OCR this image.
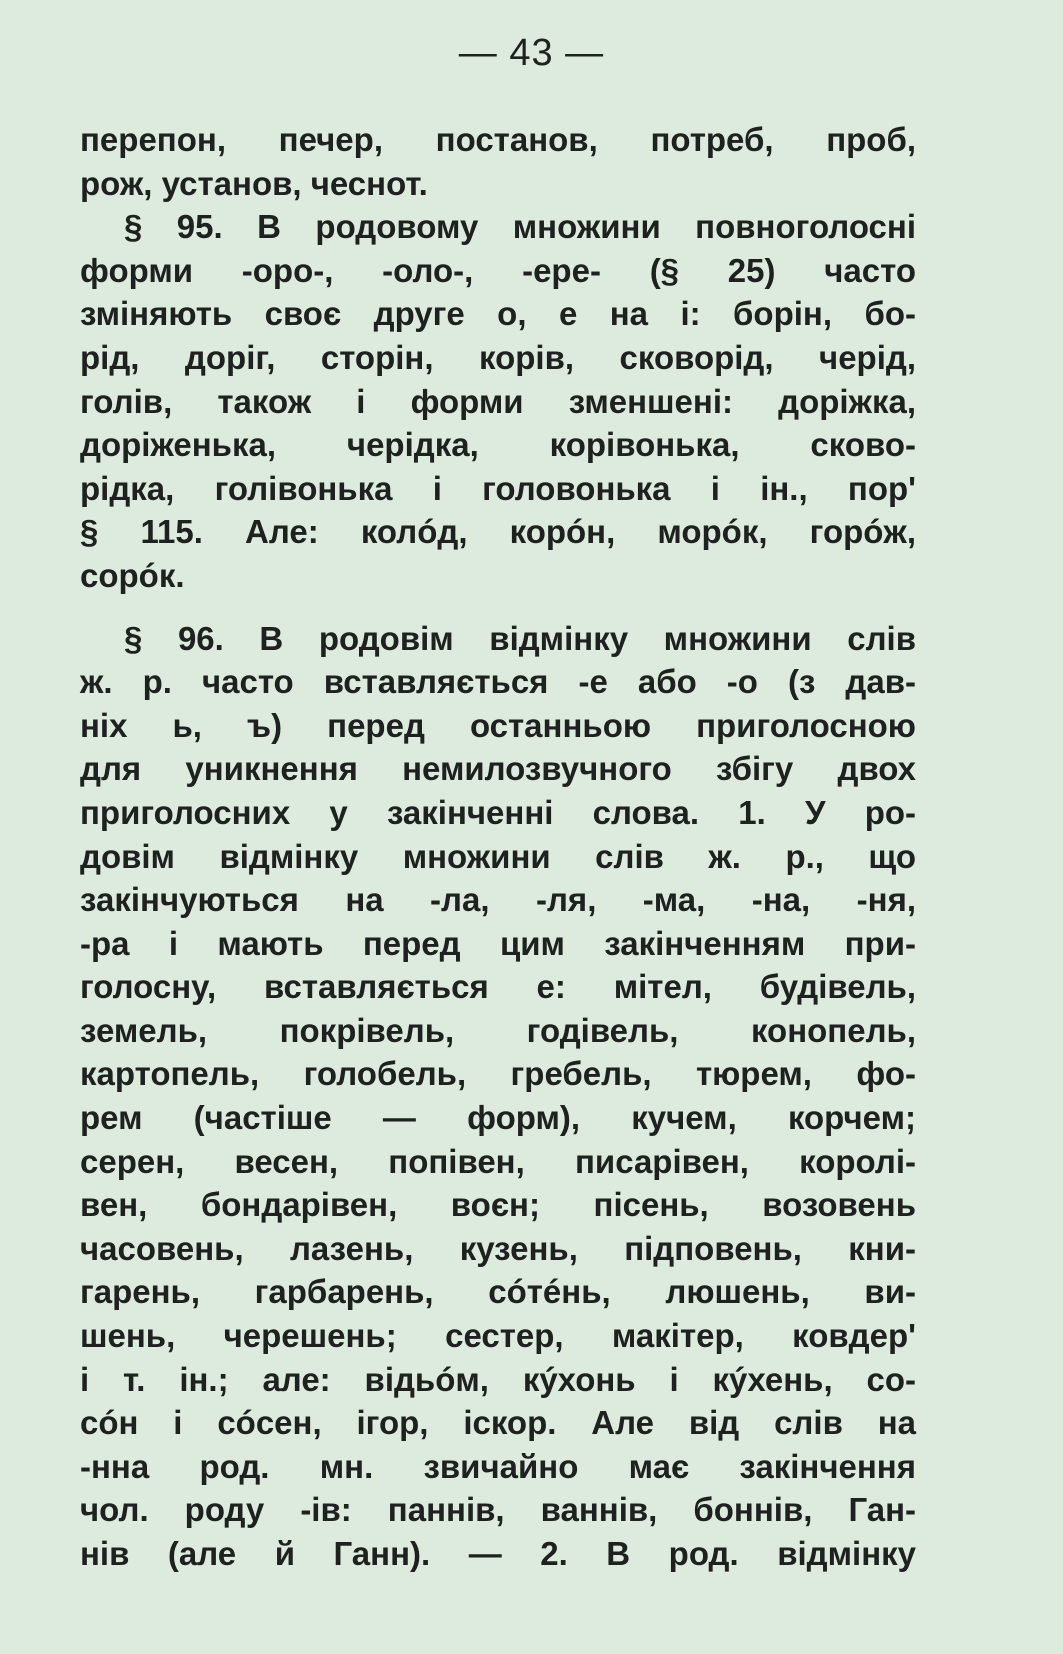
— 43 —
перепон, печер, постанов, потреб, проб,
рож, установ, чеснот.
§ 95. В родовому множини повноголосні
форми -оро-, -оло-, -ере- (§ 25) часто
зміняють своє друге о, е на і: борін, бо-
рід, доріг, сторін, корів, сковорід, черід,
голів, також і форми зменшені: доріжка,
доріженька, черідка, корівонька, сково-
рідка, голівонька і головонька і ін., пор'
§ 115. Але: колóд, корóн, морóк, горóж,
сорóк.
§ 96. В родовім відмінку множини слів
ж. р. часто вставляється -е або -о (з дав-
ніх ь, ъ) перед останньою приголосною
для уникнення немилозвучного збігу двох
приголосних у закінченні слова. 1. У ро-
довім відмінку множини слів ж. р., що
закінчуються на -ла, -ля, -ма, -на, -ня,
-ра і мають перед цим закінченням при-
голосну, вставляється е: мітел, будівель,
земель, покрівель, годівель, конопель,
картопель, голобель, гребель, тюрем, фо-
рем (частіше — форм), кучем, корчем;
серен, весен, попівен, писарівен, королі-
вен, бондарівен, воєн; пісень, возовень
часовень, лазень, кузень, підповень, кни-
гарень, гарбарень, сóтéнь, люшень, ви-
шень, черешень; сестер, макітер, ковдер'
і т. ін.; але: відьóм, кýхонь і кýхень, со-
сóн і сóсен, ігор, іскор. Але від слів на
-нна род. мн. звичайно має закінчення
чол. роду -ів: паннів, ваннів, боннів, Ган-
нів (але й Ганн). — 2. В род. відмінку
